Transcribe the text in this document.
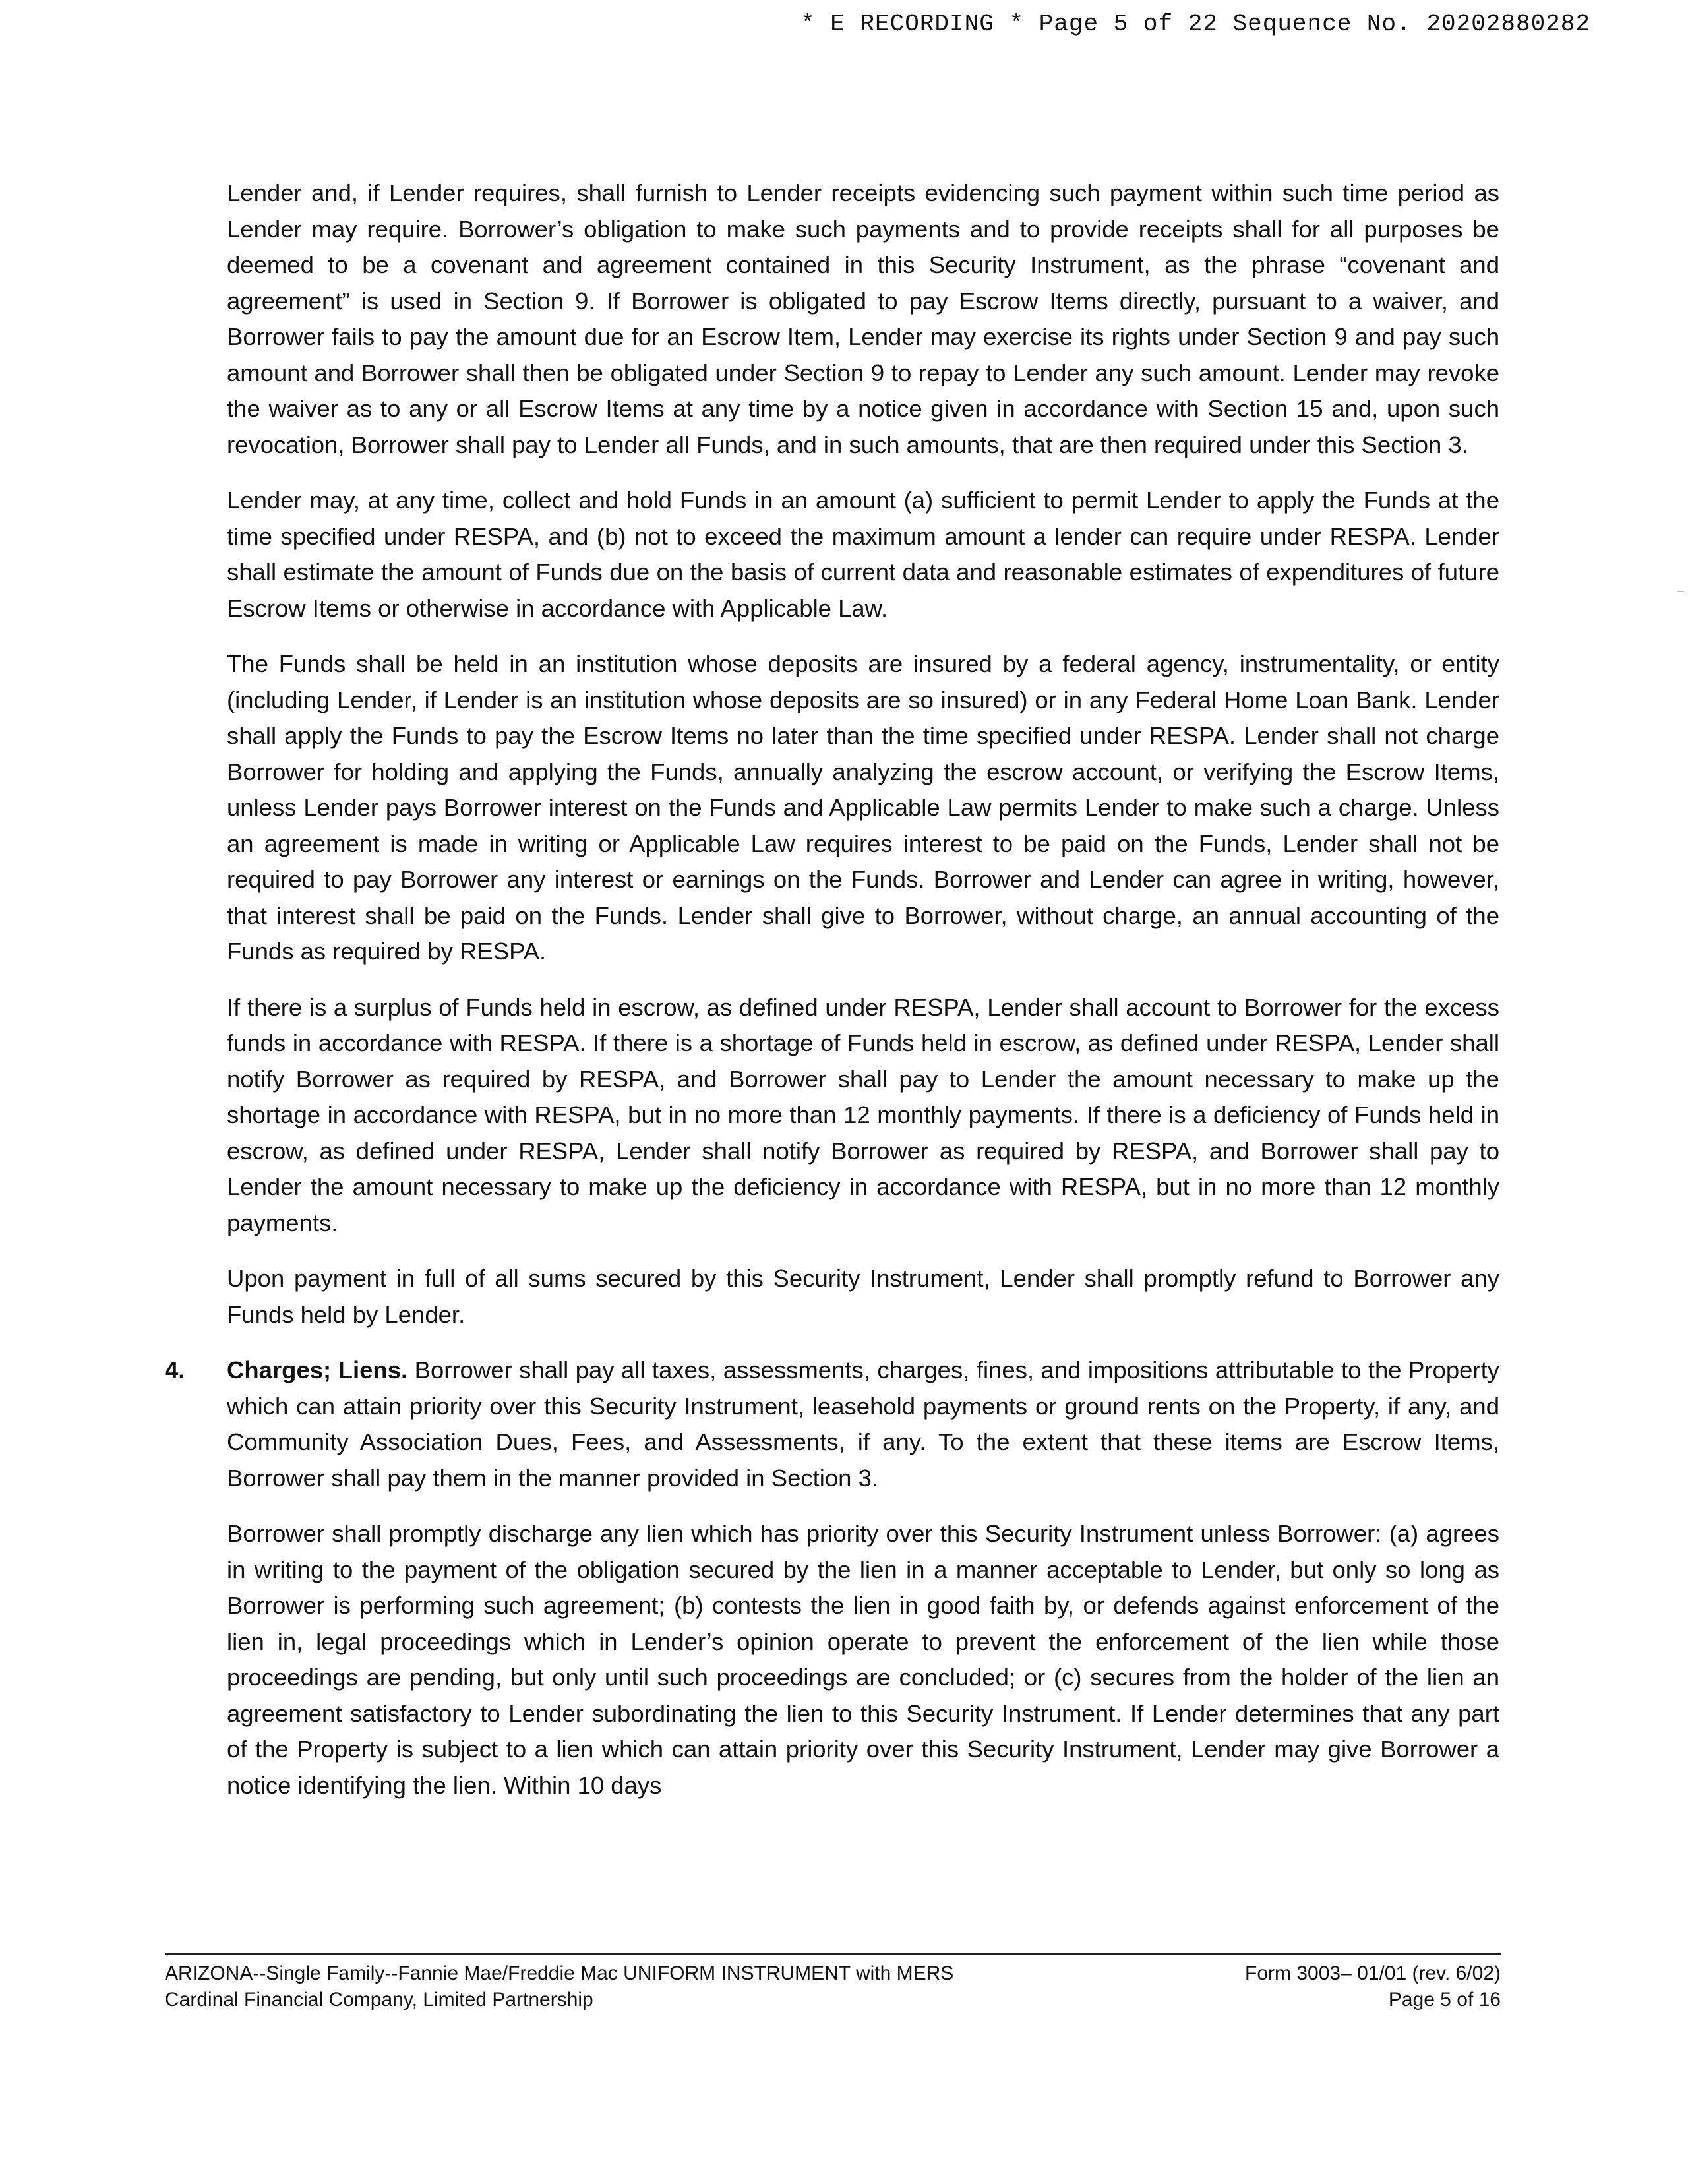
* E RECORDING * Page 5 of 22 Sequence No. 20202880282

Lender and, if Lender requires, shall furnish to Lender receipts evidencing such payment within such time period as Lender may require. Borrower’s obligation to make such payments and to provide receipts shall for all purposes be deemed to be a covenant and agreement contained in this Security Instrument, as the phrase “covenant and agreement” is used in Section 9. If Borrower is obligated to pay Escrow Items directly, pursuant to a waiver, and Borrower fails to pay the amount due for an Escrow Item, Lender may exercise its rights under Section 9 and pay such amount and Borrower shall then be obligated under Section 9 to repay to Lender any such amount. Lender may revoke the waiver as to any or all Escrow Items at any time by a notice given in accordance with Section 15 and, upon such revocation, Borrower shall pay to Lender all Funds, and in such amounts, that are then required under this Section 3.

Lender may, at any time, collect and hold Funds in an amount (a) sufficient to permit Lender to apply the Funds at the time specified under RESPA, and (b) not to exceed the maximum amount a lender can require under RESPA. Lender shall estimate the amount of Funds due on the basis of current data and reasonable estimates of expenditures of future Escrow Items or otherwise in accordance with Applicable Law.

The Funds shall be held in an institution whose deposits are insured by a federal agency, instrumentality, or entity (including Lender, if Lender is an institution whose deposits are so insured) or in any Federal Home Loan Bank. Lender shall apply the Funds to pay the Escrow Items no later than the time specified under RESPA. Lender shall not charge Borrower for holding and applying the Funds, annually analyzing the escrow account, or verifying the Escrow Items, unless Lender pays Borrower interest on the Funds and Applicable Law permits Lender to make such a charge. Unless an agreement is made in writing or Applicable Law requires interest to be paid on the Funds, Lender shall not be required to pay Borrower any interest or earnings on the Funds. Borrower and Lender can agree in writing, however, that interest shall be paid on the Funds. Lender shall give to Borrower, without charge, an annual accounting of the Funds as required by RESPA.

If there is a surplus of Funds held in escrow, as defined under RESPA, Lender shall account to Borrower for the excess funds in accordance with RESPA. If there is a shortage of Funds held in escrow, as defined under RESPA, Lender shall notify Borrower as required by RESPA, and Borrower shall pay to Lender the amount necessary to make up the shortage in accordance with RESPA, but in no more than 12 monthly payments. If there is a deficiency of Funds held in escrow, as defined under RESPA, Lender shall notify Borrower as required by RESPA, and Borrower shall pay to Lender the amount necessary to make up the deficiency in accordance with RESPA, but in no more than 12 monthly payments.

Upon payment in full of all sums secured by this Security Instrument, Lender shall promptly refund to Borrower any Funds held by Lender.

4. Charges; Liens. Borrower shall pay all taxes, assessments, charges, fines, and impositions attributable to the Property which can attain priority over this Security Instrument, leasehold payments or ground rents on the Property, if any, and Community Association Dues, Fees, and Assessments, if any. To the extent that these items are Escrow Items, Borrower shall pay them in the manner provided in Section 3.

Borrower shall promptly discharge any lien which has priority over this Security Instrument unless Borrower: (a) agrees in writing to the payment of the obligation secured by the lien in a manner acceptable to Lender, but only so long as Borrower is performing such agreement; (b) contests the lien in good faith by, or defends against enforcement of the lien in, legal proceedings which in Lender’s opinion operate to prevent the enforcement of the lien while those proceedings are pending, but only until such proceedings are concluded; or (c) secures from the holder of the lien an agreement satisfactory to Lender subordinating the lien to this Security Instrument. If Lender determines that any part of the Property is subject to a lien which can attain priority over this Security Instrument, Lender may give Borrower a notice identifying the lien. Within 10 days

ARIZONA--Single Family--Fannie Mae/Freddie Mac UNIFORM INSTRUMENT with MERS
Cardinal Financial Company, Limited Partnership
Form 3003– 01/01 (rev. 6/02)
Page 5 of 16
